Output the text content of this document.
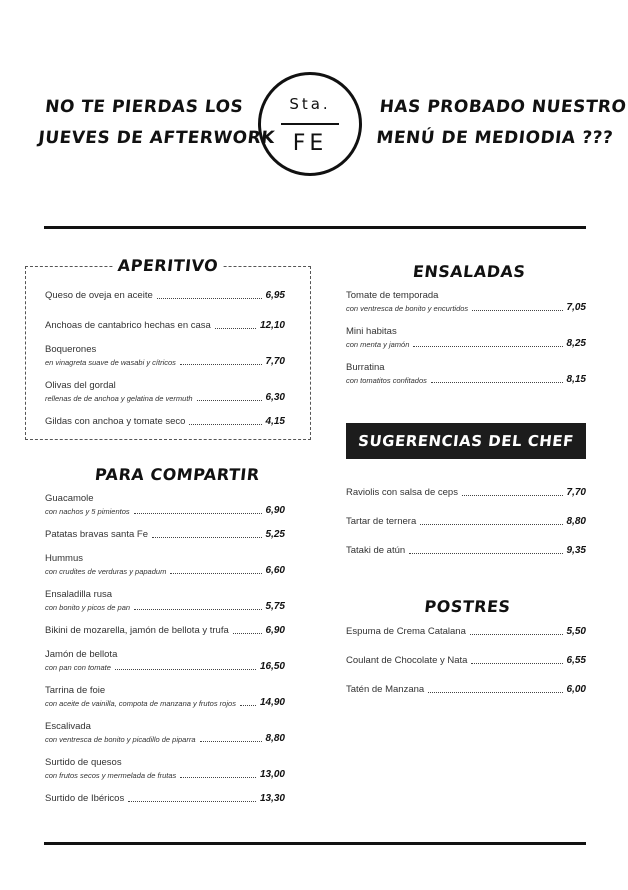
NO TE PIERDAS LOS
JUEVES DE AFTERWORK
Sta.
FE
HAS PROBADO NUESTRO
MENÚ DE MEDIODIA ???
APERITIVO
Queso de oveja en aceite	6,95
Anchoas de cantabrico hechas en casa	12,10
Boquerones
en vinagreta suave de wasabi y cítricos	7,70
Olivas del gordal
rellenas de de anchoa y gelatina de vermuth	6,30
Gildas con anchoa y tomate seco	4,15
PARA COMPARTIR
Guacamole
con nachos y 5 pimientos	6,90
Patatas bravas santa Fe	5,25
Hummus
con crudites de verduras y papadum	6,60
Ensaladilla rusa
con bonito y picos de pan	5,75
Bikini de mozarella, jamón de bellota y trufa	6,90
Jamón de bellota
con pan con tomate	16,50
Tarrina de foie
con aceite de vainilla, compota de manzana y frutos rojos 14,90
Escalivada
con ventresca de bonito y picadillo de piparra	8,80
Surtido de quesos
con frutos secos y mermelada de frutas	13,00
Surtido de Ibéricos	13,30
ENSALADAS
Tomate de temporada
con ventresca de bonito y encurtidos	7,05
Mini habitas
con menta y jamón	8,25
Burratina
con tomatitos confitados	8,15
SUGERENCIAS DEL CHEF
Raviolis con salsa de ceps	7,70
Tartar de ternera	8,80
Tataki de atún	9,35
POSTRES
Espuma de Crema Catalana	5,50
Coulant de Chocolate y Nata	6,55
Tatén de Manzana	6,00
